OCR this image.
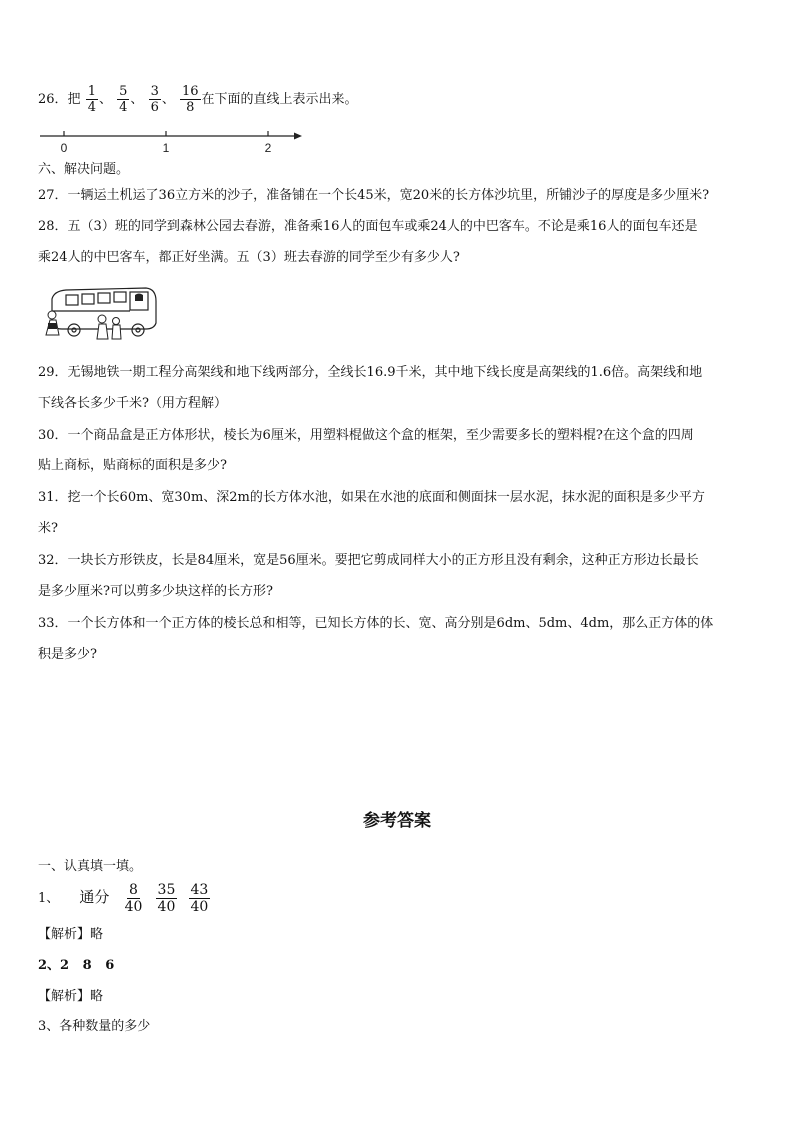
26．把 $\frac{1}{4}$ 、 $\frac{5}{4}$ 、 $\frac{3}{6}$ 、 $\frac{16}{8}$ 在下面的直线上表示出来。
0	1	2
六、解决问题。
27．一辆运土机运了36立方米的沙子，准备铺在一个长45米，宽20米的长方体沙坑里，所铺沙子的厚度是多少厘米?
28．五（3）班的同学到森林公园去春游，准备乘16人的面包车或乘24人的中巴客车。不论是乘16人的面包车还是
乘24人的中巴客车，都正好坐满。五（3）班去春游的同学至少有多少人?
29．无锡地铁一期工程分高架线和地下线两部分，全线长16.9千米，其中地下线长度是高架线的1.6倍。高架线和地
下线各长多少千米?（用方程解）
30．一个商品盒是正方体形状，棱长为6厘米，用塑料棍做这个盒的框架，至少需要多长的塑料棍?在这个盒的四周
贴上商标，贴商标的面积是多少?
31．挖一个长60m、宽30m、深2m的长方体水池，如果在水池的底面和侧面抹一层水泥，抹水泥的面积是多少平方
米?
32．一块长方形铁皮，长是84厘米，宽是56厘米。要把它剪成同样大小的正方形且没有剩余，这种正方形边长最长
是多少厘米?可以剪多少块这样的长方形?
33．一个长方体和一个正方体的棱长总和相等，已知长方体的长、宽、高分别是6dm、5dm、4dm，那么正方体的体
积是多少?
参考答案
一、认真填一填。
1、 通分 $\frac{8}{40}$
$\frac{35}{40}$
$\frac{43}{40}$
【解析】略
2、2   8   6
【解析】略
3、各种数量的多少
